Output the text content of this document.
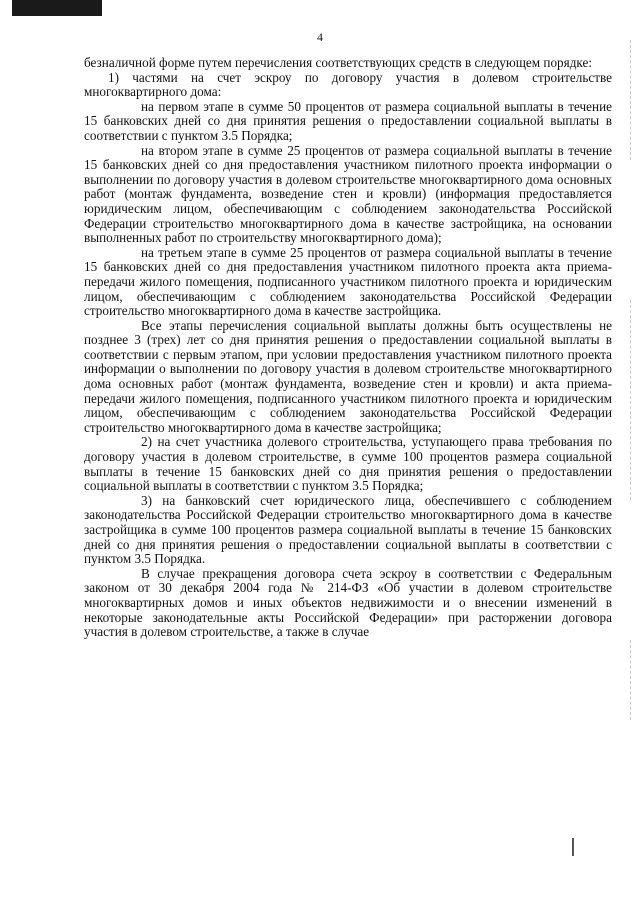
4

безналичной форме путем перечисления соответствующих средств в следующем порядке:

1) частями на счет эскроу по договору участия в долевом строительстве многоквартирного дома:

на первом этапе в сумме 50 процентов от размера социальной выплаты в течение 15 банковских дней со дня принятия решения о предоставлении социальной выплаты в соответствии с пунктом 3.5 Порядка;

на втором этапе в сумме 25 процентов от размера социальной выплаты в течение 15 банковских дней со дня предоставления участником пилотного проекта информации о выполнении по договору участия в долевом строительстве многоквартирного дома основных работ (монтаж фундамента, возведение стен и кровли) (информация предоставляется юридическим лицом, обеспечивающим с соблюдением законодательства Российской Федерации строительство многоквартирного дома в качестве застройщика, на основании выполненных работ по строительству многоквартирного дома);

на третьем этапе в сумме 25 процентов от размера социальной выплаты в течение 15 банковских дней со дня предоставления участником пилотного проекта акта приема-передачи жилого помещения, подписанного участником пилотного проекта и юридическим лицом, обеспечивающим с соблюдением законодательства Российской Федерации строительство многоквартирного дома в качестве застройщика.

Все этапы перечисления социальной выплаты должны быть осуществлены не позднее 3 (трех) лет со дня принятия решения о предоставлении социальной выплаты в соответствии с первым этапом, при условии предоставления участником пилотного проекта информации о выполнении по договору участия в долевом строительстве многоквартирного дома основных работ (монтаж фундамента, возведение стен и кровли) и акта приема-передачи жилого помещения, подписанного участником пилотного проекта и юридическим лицом, обеспечивающим с соблюдением законодательства Российской Федерации строительство многоквартирного дома в качестве застройщика;

2) на счет участника долевого строительства, уступающего права требования по договору участия в долевом строительстве, в сумме 100 процентов размера социальной выплаты в течение 15 банковских дней со дня принятия решения о предоставлении социальной выплаты в соответствии с пунктом 3.5 Порядка;

3) на банковский счет юридического лица, обеспечившего с соблюдением законодательства Российской Федерации строительство многоквартирного дома в качестве застройщика в сумме 100 процентов размера социальной выплаты в течение 15 банковских дней со дня принятия решения о предоставлении социальной выплаты в соответствии с пунктом 3.5 Порядка.

В случае прекращения договора счета эскроу в соответствии с Федеральным законом от 30 декабря 2004 года № 214-ФЗ «Об участии в долевом строительстве многоквартирных домов и иных объектов недвижимости и о внесении изменений в некоторые законодательные акты Российской Федерации» при расторжении договора участия в долевом строительстве, а также в случае
